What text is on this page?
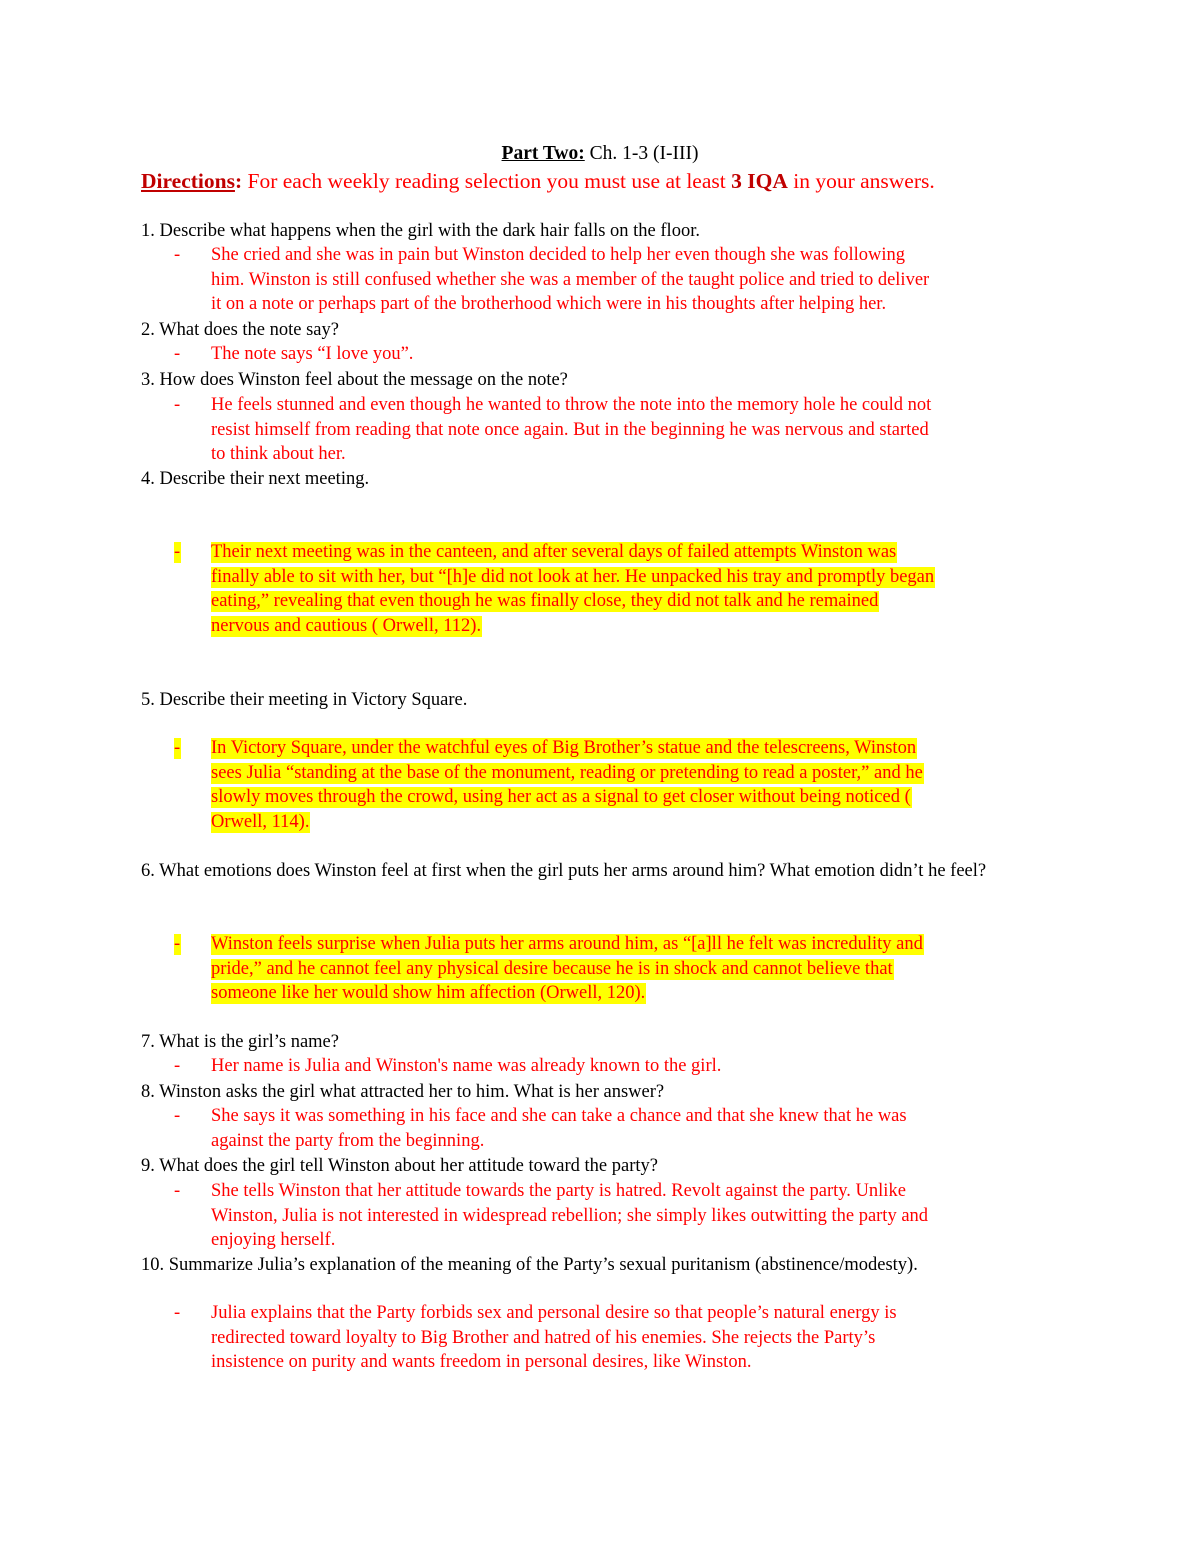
Part Two: Ch. 1-3 (I-III)
Directions: For each weekly reading selection you must use at least 3 IQA in your answers.
1. Describe what happens when the girl with the dark hair falls on the floor.
-	She cried and she was in pain but Winston decided to help her even though she was following
him. Winston is still confused whether she was a member of the taught police and tried to deliver
it on a note or perhaps part of the brotherhood which were in his thoughts after helping her.
2. What does the note say?
-	The note says “I love you”.
3. How does Winston feel about the message on the note?
-	He feels stunned and even though he wanted to throw the note into the memory hole he could not
resist himself from reading that note once again. But in the beginning he was nervous and started
to think about her.
4. Describe their next meeting.
-	Their next meeting was in the canteen, and after several days of failed attempts Winston was
finally able to sit with her, but “[h]e did not look at her. He unpacked his tray and promptly began
eating,” revealing that even though he was finally close, they did not talk and he remained
nervous and cautious ( Orwell, 112).
5. Describe their meeting in Victory Square.
-	In Victory Square, under the watchful eyes of Big Brother’s statue and the telescreens, Winston
sees Julia “standing at the base of the monument, reading or pretending to read a poster,” and he
slowly moves through the crowd, using her act as a signal to get closer without being noticed (
Orwell, 114).
6. What emotions does Winston feel at first when the girl puts her arms around him? What emotion didn’t he feel?
-	Winston feels surprise when Julia puts her arms around him, as “[a]ll he felt was incredulity and
pride,” and he cannot feel any physical desire because he is in shock and cannot believe that
someone like her would show him affection (Orwell, 120).
7. What is the girl’s name?
-	Her name is Julia and Winston's name was already known to the girl.
8. Winston asks the girl what attracted her to him. What is her answer?
-	She says it was something in his face and she can take a chance and that she knew that he was
against the party from the beginning.
9. What does the girl tell Winston about her attitude toward the party?
-	She tells Winston that her attitude towards the party is hatred. Revolt against the party. Unlike
Winston, Julia is not interested in widespread rebellion; she simply likes outwitting the party and
enjoying herself.
10. Summarize Julia’s explanation of the meaning of the Party’s sexual puritanism (abstinence/modesty).
-	Julia explains that the Party forbids sex and personal desire so that people’s natural energy is
redirected toward loyalty to Big Brother and hatred of his enemies. She rejects the Party’s
insistence on purity and wants freedom in personal desires, like Winston.
